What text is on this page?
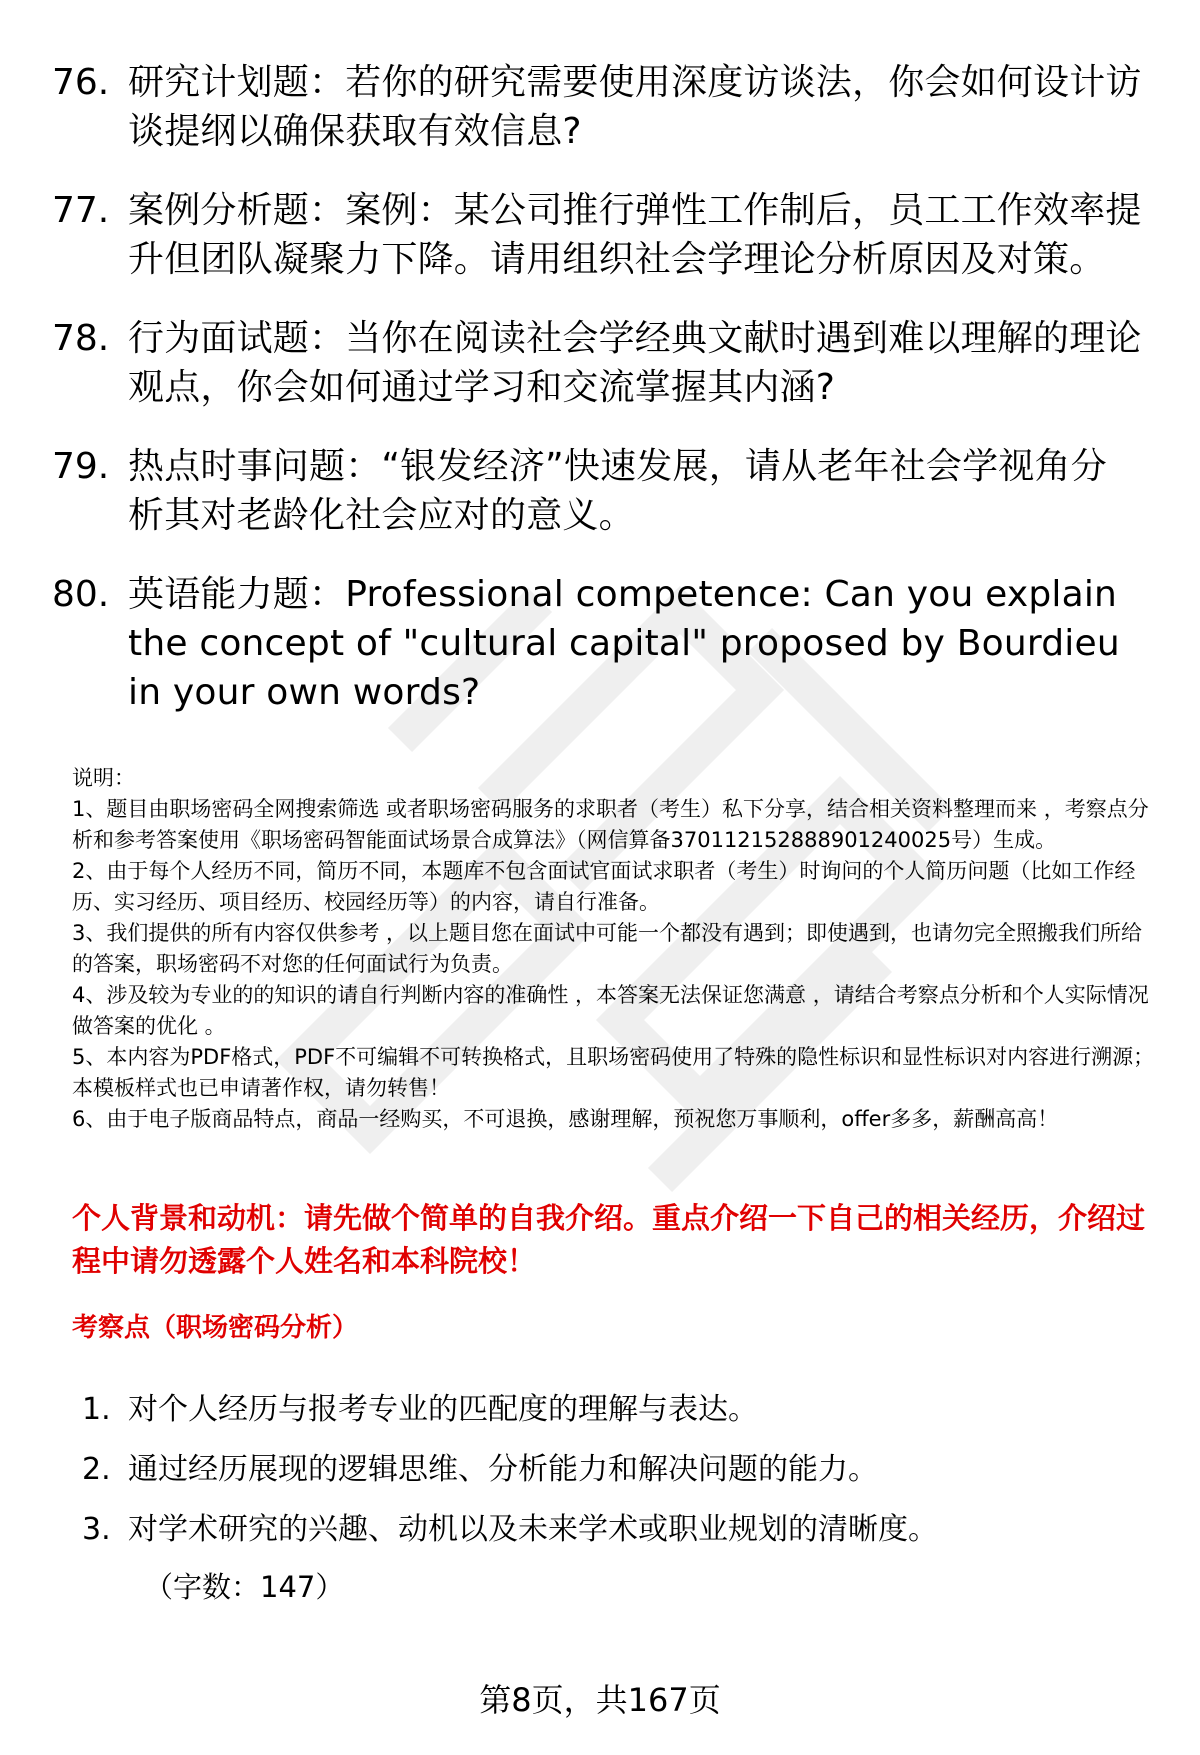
76. 研究计划题：若你的研究需要使用深度访谈法，你会如何设计访谈提纲以确保获取有效信息?
77. 案例分析题：案例：某公司推行弹性工作制后，员工工作效率提升但团队凝聚力下降。请用组织社会学理论分析原因及对策。
78. 行为面试题：当你在阅读社会学经典文献时遇到难以理解的理论观点，你会如何通过学习和交流掌握其内涵?
79. 热点时事问题：“银发经济”快速发展，请从老年社会学视角分析其对老龄化社会应对的意义。
80. 英语能力题：Professional competence: Can you explain the concept of "cultural capital" proposed by Bourdieu in your own words?

说明：

1、题目由职场密码全网搜索筛选 或者职场密码服务的求职者（考生）私下分享，结合相关资料整理而来 ，考察点分析和参考答案使用《职场密码智能面试场景合成算法》（网信算备370112152888901240025号）生成。

2、由于每个人经历不同，简历不同，本题库不包含面试官面试求职者（考生）时询问的个人简历问题（比如工作经历、实习经历、项目经历、校园经历等）的内容，请自行准备。

3、我们提供的所有内容仅供参考 ，以上题目您在面试中可能一个都没有遇到；即使遇到，也请勿完全照搬我们所给的答案，职场密码不对您的任何面试行为负责。

4、涉及较为专业的的知识的请自行判断内容的准确性 ，本答案无法保证您满意 ，请结合考察点分析和个人实际情况做答案的优化 。

5、本内容为PDF格式，PDF不可编辑不可转换格式，且职场密码使用了特殊的隐性标识和显性标识对内容进行溯源；本模板样式也已申请著作权，请勿转售！

6、由于电子版商品特点，商品一经购买，不可退换，感谢理解，预祝您万事顺利，offer多多，薪酬高高！

个人背景和动机：请先做个简单的自我介绍。重点介绍一下自己的相关经历，介绍过程中请勿透露个人姓名和本科院校！
考察点（职场密码分析）
1. 对个人经历与报考专业的匹配度的理解与表达。
2. 通过经历展现的逻辑思维、分析能力和解决问题的能力。
3. 对学术研究的兴趣、动机以及未来学术或职业规划的清晰度。
（字数：147）
第8页，共167页
